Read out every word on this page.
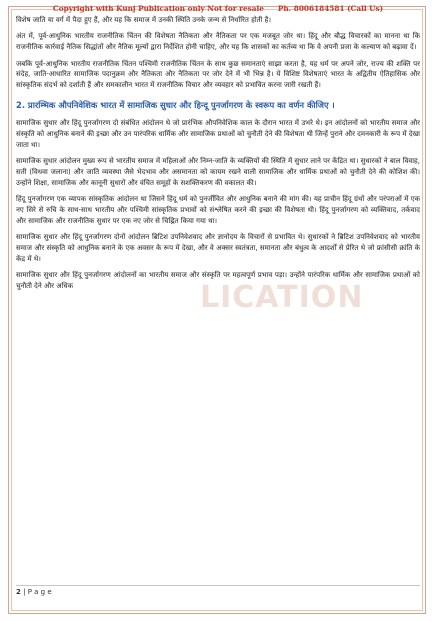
Copyright with Kunj Publication only Not for resale Ph. 8006184581 (Call Us)
LICATION

विशेष जाति या वर्ग में पैदा हुए हैं, और यह कि समाज में उनकी स्थिति उनके जन्म से निर्धारित होती है।

अंत में, पूर्व-आधुनिक भारतीय राजनीतिक चिंतन की विशेषता नैतिकता और नैतिकता पर एक मजबूत जोर था। हिंदू और बौद्ध विचारकों का मानना था कि राजनीतिक कार्रवाई नैतिक सिद्धांतों और नैतिक मूल्यों द्वारा निर्देशित होनी चाहिए, और यह कि शासकों का कर्तव्य था कि वे अपनी प्रजा के कल्याण को बढ़ावा दें।

जबकि पूर्व-आधुनिक भारतीय राजनीतिक चिंतन पश्चिमी राजनीतिक चिंतन के साथ कुछ समानताएं साझा करता है, यह धर्म पर अपने जोर, राज्य की शक्ति पर संदेह, जाति-आधारित सामाजिक पदानुक्रम और नैतिकता और नैतिकता पर जोर देने में भी भिन्न है। ये विशिष्ट विशेषताएं भारत के अद्वितीय ऐतिहासिक और सांस्कृतिक संदर्भ को दर्शाती हैं और समकालीन भारत में राजनीतिक विचार और व्यवहार को प्रभावित करना जारी रखती हैं।

2. प्रारम्भिक औपनिवेशिक भारत में सामाजिक सुधार और हिन्दू पुनर्जागरण के स्वरूप का वर्णन कीजिए ।

सामाजिक सुधार और हिंदू पुनर्जागरण दो संबंधित आंदोलन थे जो प्रारंभिक औपनिवेशिक काल के दौरान भारत में उभरे थे। इन आंदोलनों को भारतीय समाज और संस्कृति को आधुनिक बनाने की इच्छा और उन पारंपरिक धार्मिक और सामाजिक प्रथाओं को चुनौती देने की विशेषता थी जिन्हें पुराने और दमनकारी के रूप में देखा जाता था।

सामाजिक सुधार आंदोलन मुख्य रूप से भारतीय समाज में महिलाओं और निम्न-जाति के व्यक्तियों की स्थिति में सुधार लाने पर केंद्रित था। सुधारकों ने बाल विवाह, सती (विधवा जलाना) और जाति व्यवस्था जैसे भेदभाव और असमानता को कायम रखने वाली सामाजिक और धार्मिक प्रथाओं को चुनौती देने की कोशिश की। उन्होंने शिक्षा, सामाजिक और कानूनी सुधारों और वंचित समूहों के सशक्तिकरण की वकालत की।

हिंदू पुनर्जागरण एक व्यापक सांस्कृतिक आंदोलन था जिसने हिंदू धर्म को पुनर्जीवित और आधुनिक बनाने की मांग की। यह प्राचीन हिंदू ग्रंथों और परंपराओं में एक नए सिरे से रुचि के साथ-साथ भारतीय और पश्चिमी सांस्कृतिक प्रभावों को संश्लेषित करने की इच्छा की विशेषता थी। हिंदू पुनर्जागरण को व्यक्तिवाद, तर्कवाद और सामाजिक और राजनीतिक सुधार पर एक नए जोर से चिह्नित किया गया था।

सामाजिक सुधार और हिंदू पुनर्जागरण दोनों आंदोलन ब्रिटिश उपनिवेशवाद और ज्ञानोदय के विचारों से प्रभावित थे। सुधारकों ने ब्रिटिश उपनिवेशवाद को भारतीय समाज और संस्कृति को आधुनिक बनाने के एक अवसर के रूप में देखा, और वे अक्सर स्वतंत्रता, समानता और बंधुत्व के आदर्शों से प्रेरित थे जो फ्रांसीसी क्रांति के केंद्र में थे।

सामाजिक सुधार और हिंदू पुनर्जागरण आंदोलनों का भारतीय समाज और संस्कृति पर महत्वपूर्ण प्रभाव पड़ा। उन्होंने पारंपरिक धार्मिक और सामाजिक प्रथाओं को चुनौती देने और अधिक

2 | P a g e
